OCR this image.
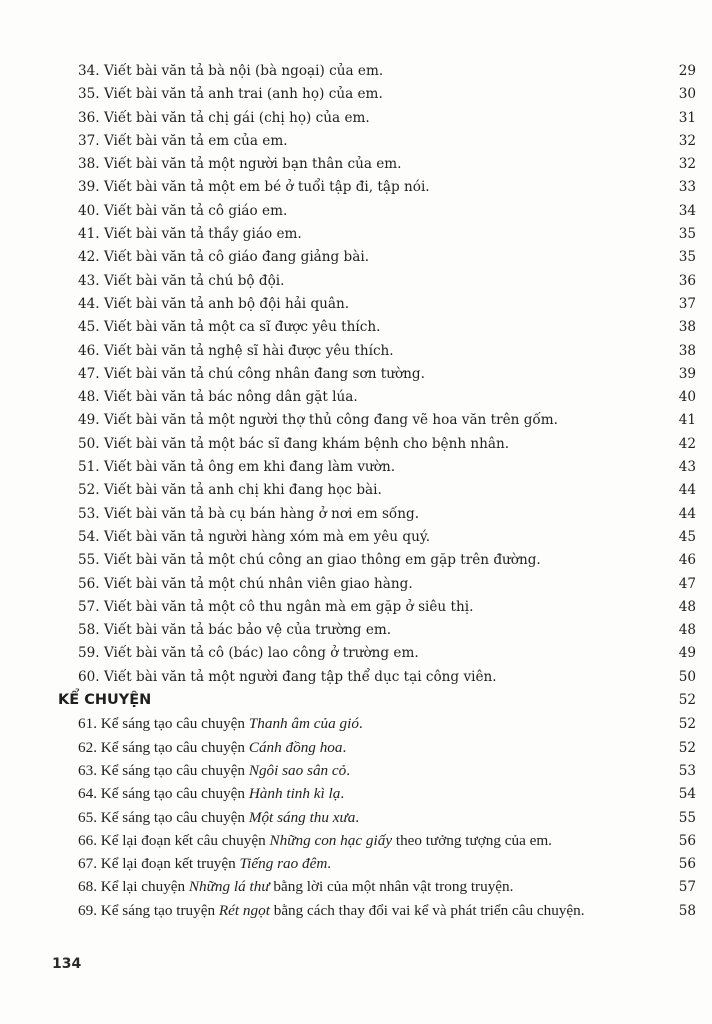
34. Viết bài văn tả bà nội (bà ngoại) của em.	29
35. Viết bài văn tả anh trai (anh họ) của em.	30
36. Viết bài văn tả chị gái (chị họ) của em.	31
37. Viết bài văn tả em của em.	32
38. Viết bài văn tả một người bạn thân của em.	32
39. Viết bài văn tả một em bé ở tuổi tập đi, tập nói.	33
40. Viết bài văn tả cô giáo em.	34
41. Viết bài văn tả thầy giáo em.	35
42. Viết bài văn tả cô giáo đang giảng bài.	35
43. Viết bài văn tả chú bộ đội.	36
44. Viết bài văn tả anh bộ đội hải quân.	37
45. Viết bài văn tả một ca sĩ được yêu thích.	38
46. Viết bài văn tả nghệ sĩ hài được yêu thích.	38
47. Viết bài văn tả chú công nhân đang sơn tường.	39
48. Viết bài văn tả bác nông dân gặt lúa.	40
49. Viết bài văn tả một người thợ thủ công đang vẽ hoa văn trên gốm.	41
50. Viết bài văn tả một bác sĩ đang khám bệnh cho bệnh nhân.	42
51. Viết bài văn tả ông em khi đang làm vườn.	43
52. Viết bài văn tả anh chị khi đang học bài.	44
53. Viết bài văn tả bà cụ bán hàng ở nơi em sống.	44
54. Viết bài văn tả người hàng xóm mà em yêu quý.	45
55. Viết bài văn tả một chú công an giao thông em gặp trên đường.	46
56. Viết bài văn tả một chú nhân viên giao hàng.	47
57. Viết bài văn tả một cô thu ngân mà em gặp ở siêu thị.	48
58. Viết bài văn tả bác bảo vệ của trường em.	48
59. Viết bài văn tả cô (bác) lao công ở trường em.	49
60. Viết bài văn tả một người đang tập thể dục tại công viên.	50
KỂ CHUYỆN	52
61. Kể sáng tạo câu chuyện Thanh âm của gió.	52
62. Kể sáng tạo câu chuyện Cánh đồng hoa.	52
63. Kể sáng tạo câu chuyện Ngôi sao sân cỏ.	53
64. Kể sáng tạo câu chuyện Hành tinh kì lạ.	54
65. Kể sáng tạo câu chuyện Một sáng thu xưa.	55
66. Kể lại đoạn kết câu chuyện Những con hạc giấy theo tưởng tượng của em.	56
67. Kể lại đoạn kết truyện Tiếng rao đêm.	56
68. Kể lại chuyện Những lá thư bằng lời của một nhân vật trong truyện.	57
69. Kể sáng tạo truyện Rét ngọt bằng cách thay đổi vai kể và phát triển câu chuyện.	58
134
